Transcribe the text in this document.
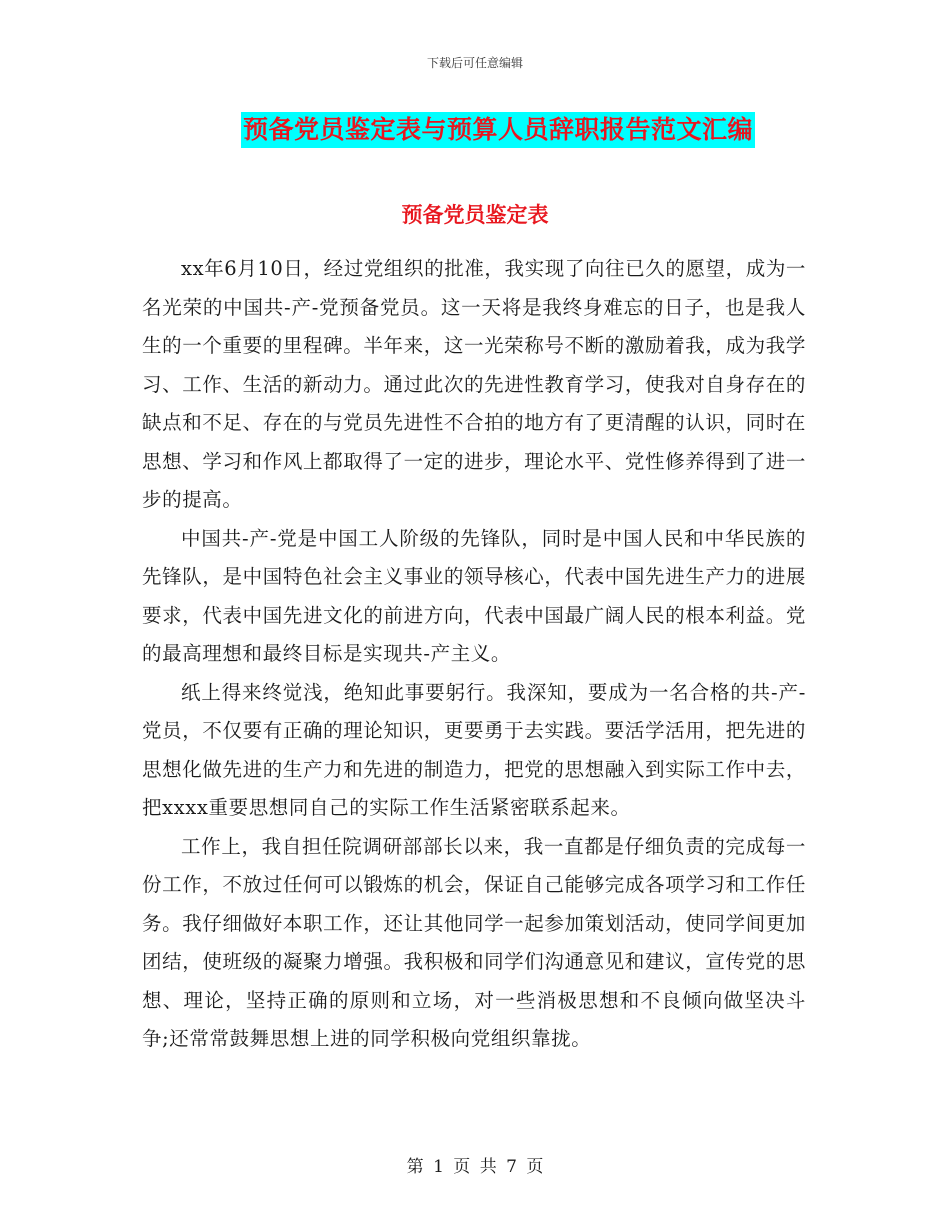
下载后可任意编辑
预备党员鉴定表与预算人员辞职报告范文汇编
预备党员鉴定表

xx年6月10日，经过党组织的批准，我实现了向往已久的愿望，成为一名光荣的中国共-产-党预备党员。这一天将是我终身难忘的日子，也是我人生的一个重要的里程碑。半年来，这一光荣称号不断的激励着我，成为我学习、工作、生活的新动力。通过此次的先进性教育学习，使我对自身存在的缺点和不足、存在的与党员先进性不合拍的地方有了更清醒的认识，同时在思想、学习和作风上都取得了一定的进步，理论水平、党性修养得到了进一步的提高。

中国共-产-党是中国工人阶级的先锋队，同时是中国人民和中华民族的先锋队，是中国特色社会主义事业的领导核心，代表中国先进生产力的进展要求，代表中国先进文化的前进方向，代表中国最广阔人民的根本利益。党的最高理想和最终目标是实现共-产主义。

纸上得来终觉浅，绝知此事要躬行。我深知，要成为一名合格的共-产-党员，不仅要有正确的理论知识，更要勇于去实践。要活学活用，把先进的思想化做先进的生产力和先进的制造力，把党的思想融入到实际工作中去，把xxxx重要思想同自己的实际工作生活紧密联系起来。

工作上，我自担任院调研部部长以来，我一直都是仔细负责的完成每一份工作，不放过任何可以锻炼的机会，保证自己能够完成各项学习和工作任务。我仔细做好本职工作，还让其他同学一起参加策划活动，使同学间更加团结，使班级的凝聚力增强。我积极和同学们沟通意见和建议，宣传党的思想、理论，坚持正确的原则和立场，对一些消极思想和不良倾向做坚决斗争;还常常鼓舞思想上进的同学积极向党组织靠拢。

第 1 页 共 7 页
